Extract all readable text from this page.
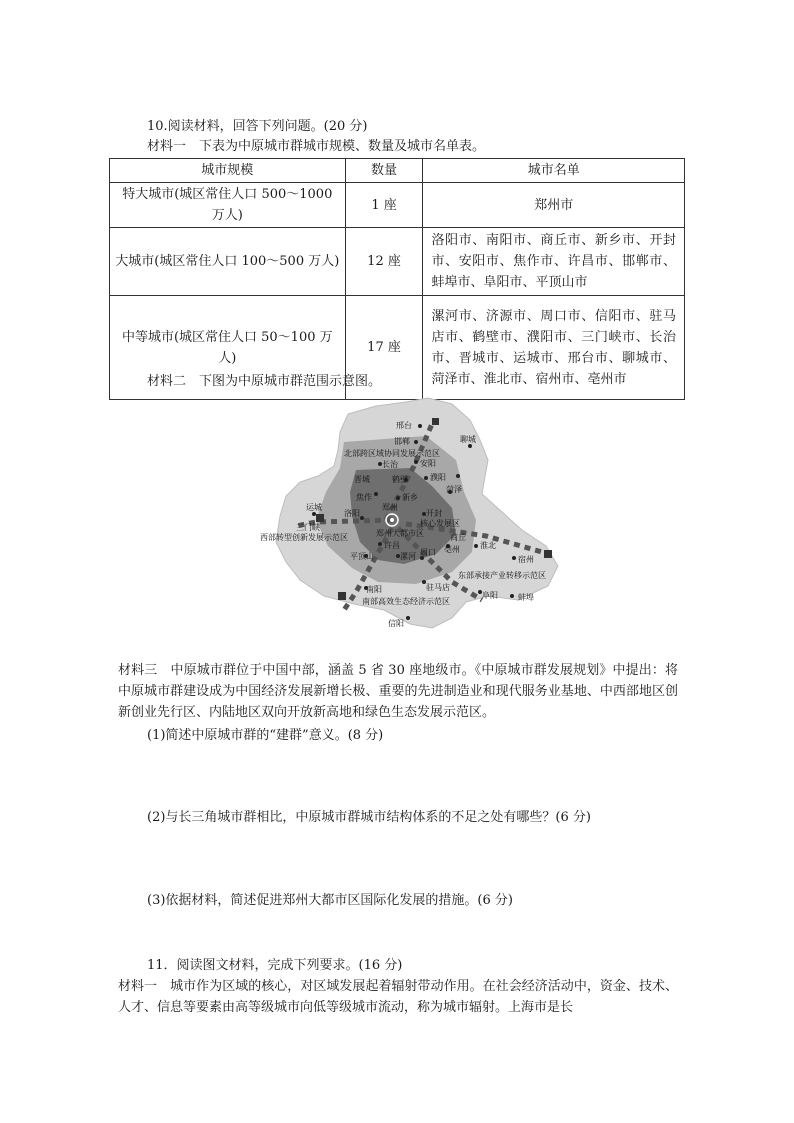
10.阅读材料，回答下列问题。(20 分)
材料一　下表为中原城市群城市规模、数量及城市名单表。
城市规模	数量	城市名单
特大城市(城区常住人口 500～1000 万人)	1 座	郑州市
大城市(城区常住人口 100～500 万人)	12 座	洛阳市、南阳市、商丘市、新乡市、开封市、安阳市、焦作市、许昌市、邯郸市、蚌埠市、阜阳市、平顶山市
中等城市(城区常住人口 50～100 万人)	17 座	漯河市、济源市、周口市、信阳市、驻马店市、鹤壁市、濮阳市、三门峡市、长治市、晋城市、运城市、邢台市、聊城市、菏泽市、淮北市、宿州市、亳州市
材料二　下图为中原城市群范围示意图。
邢台
邯郸	聊城
北部跨区域协同发展示范区
长治	安阳
晋城	鹤壁	濮阳
菏泽
焦作	新乡
运城	郑州
洛阳	开封
三门峡	核心发展区
郑州大都市区
西部转型创新发展示范区	商丘
许昌	亳州	淮北
平顶山	漯河 周口
宿州
东部承接产业转移示范区
南阳	驻马店
阜阳	蚌埠
南部高效生态经济示范区
信阳
材料三　中原城市群位于中国中部，涵盖 5 省 30 座地级市。《中原城市群发展规划》中提出：将中原城市群建设成为中国经济发展新增长极、重要的先进制造业和现代服务业基地、中西部地区创新创业先行区、内陆地区双向开放新高地和绿色生态发展示范区。
(1)简述中原城市群的“建群”意义。(8 分)
(2)与长三角城市群相比，中原城市群城市结构体系的不足之处有哪些？(6 分)
(3)依据材料，简述促进郑州大都市区国际化发展的措施。(6 分)
11．阅读图文材料，完成下列要求。(16 分)
材料一　城市作为区域的核心，对区域发展起着辐射带动作用。在社会经济活动中，资金、技术、人才、信息等要素由高等级城市向低等级城市流动，称为城市辐射。上海市是长
